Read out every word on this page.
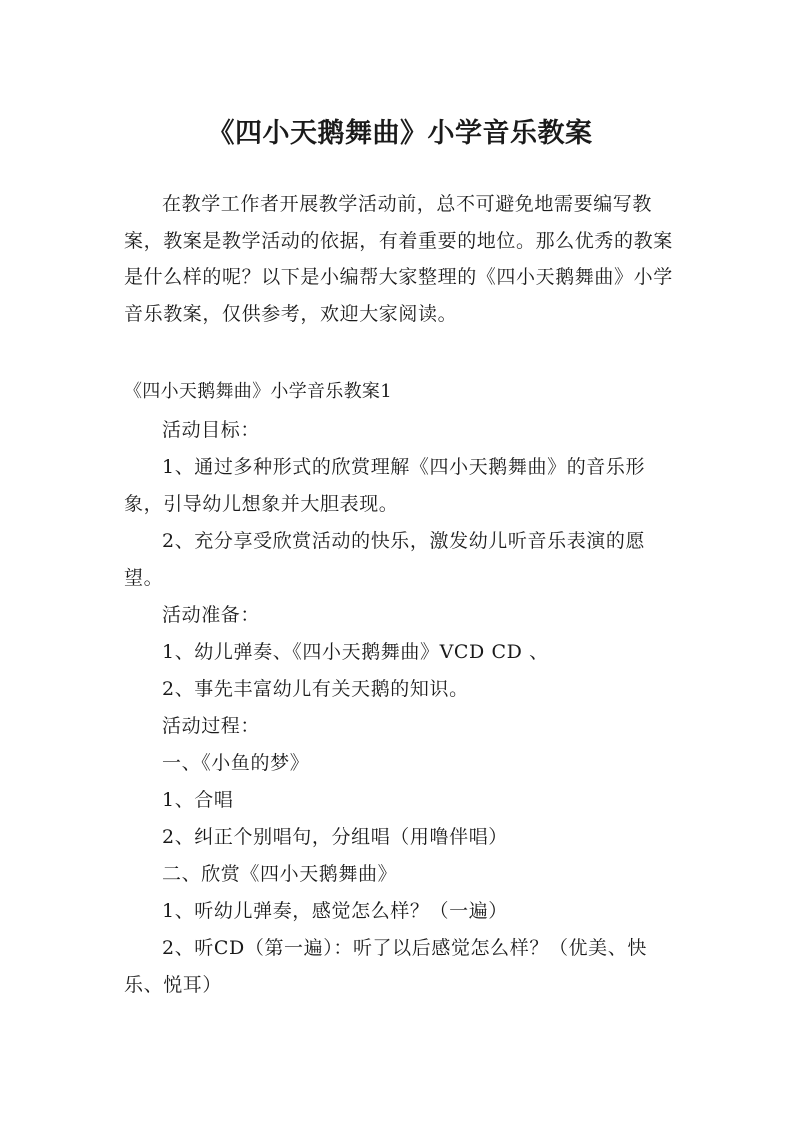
《四小天鹅舞曲》小学音乐教案

在教学工作者开展教学活动前，总不可避免地需要编写教案，教案是教学活动的依据，有着重要的地位。那么优秀的教案是什么样的呢？以下是小编帮大家整理的《四小天鹅舞曲》小学音乐教案，仅供参考，欢迎大家阅读。

《四小天鹅舞曲》小学音乐教案1

活动目标：

1、通过多种形式的欣赏理解《四小天鹅舞曲》的音乐形象，引导幼儿想象并大胆表现。

2、充分享受欣赏活动的快乐，激发幼儿听音乐表演的愿望。

活动准备：

1、幼儿弹奏、《四小天鹅舞曲》VCD CD 、

2、事先丰富幼儿有关天鹅的知识。

活动过程：

一、《小鱼的梦》

1、合唱

2、纠正个别唱句，分组唱（用噜伴唱）

二、欣赏《四小天鹅舞曲》

1、听幼儿弹奏，感觉怎么样？（一遍）

2、听CD（第一遍）：听了以后感觉怎么样？（优美、快乐、悦耳）
